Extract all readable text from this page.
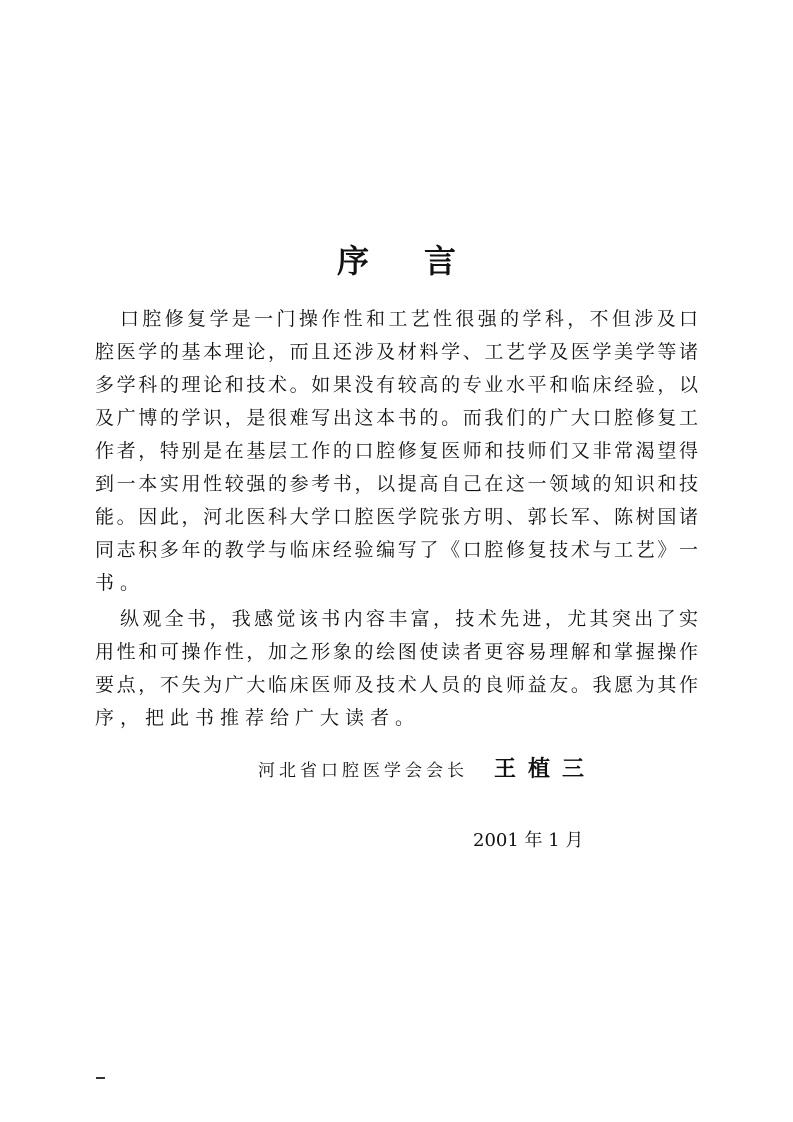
序 言
口腔修复学是一门操作性和工艺性很强的学科，不但涉及口
腔医学的基本理论，而且还涉及材料学、工艺学及医学美学等诸
多学科的理论和技术。如果没有较高的专业水平和临床经验，以
及广博的学识，是很难写出这本书的。而我们的广大口腔修复工
作者，特别是在基层工作的口腔修复医师和技师们又非常渴望得
到一本实用性较强的参考书，以提高自己在这一领域的知识和技
能。因此，河北医科大学口腔医学院张方明、郭长军、陈树国诸
同志积多年的教学与临床经验编写了《口腔修复技术与工艺》一
书。
纵观全书，我感觉该书内容丰富，技术先进，尤其突出了实
用性和可操作性，加之形象的绘图使读者更容易理解和掌握操作
要点，不失为广大临床医师及技术人员的良师益友。我愿为其作
序，把此书推荐给广大读者。
河北省口腔医学会会长 王植三
2001 年 1 月
